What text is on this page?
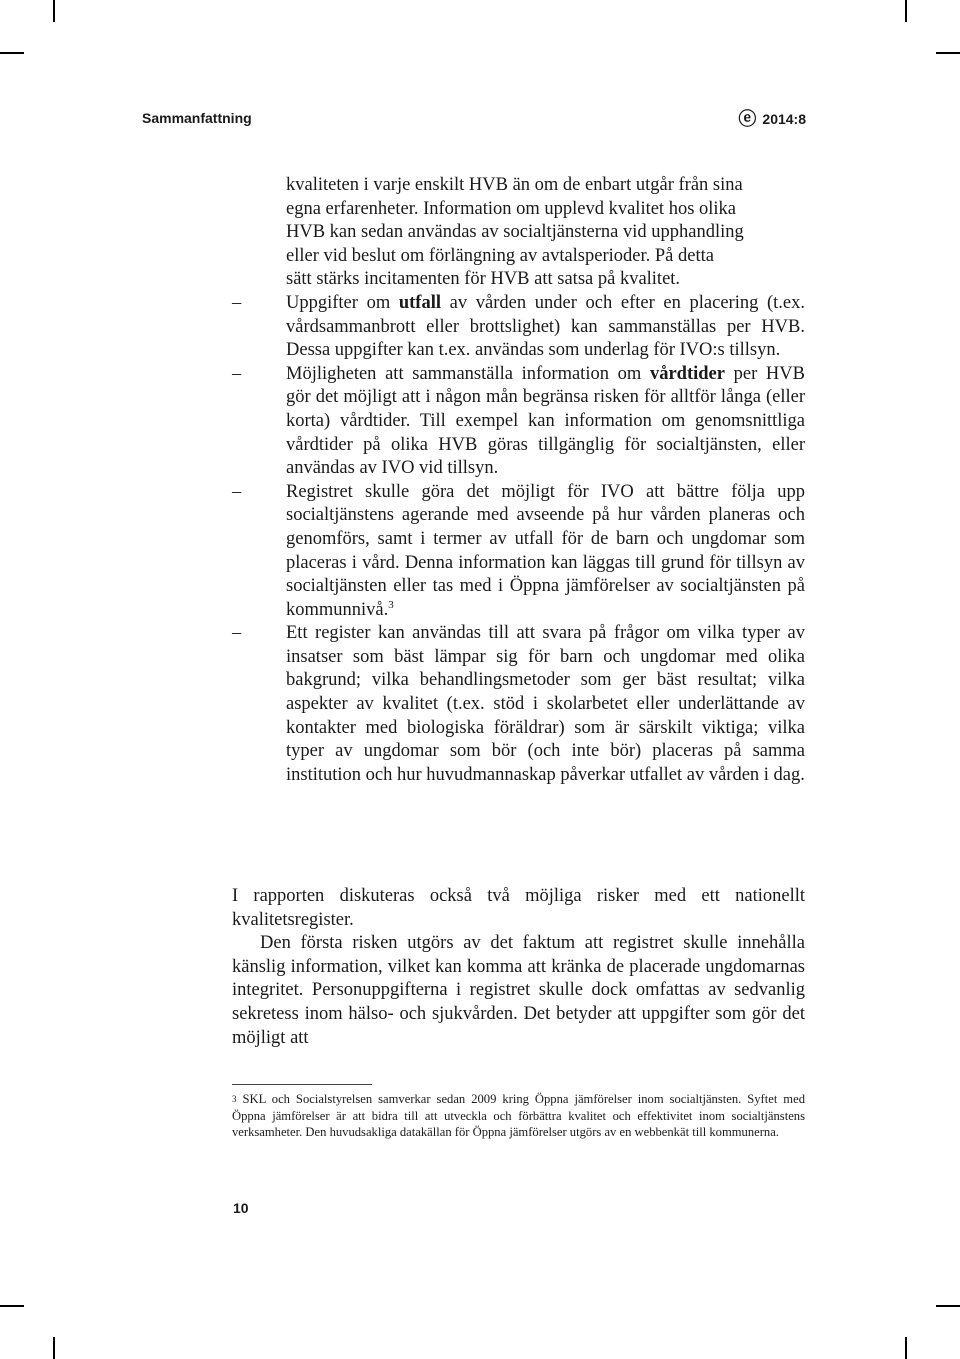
Sammanfattning	ⓔ 2014:8
kvaliteten i varje enskilt HVB än om de enbart utgår från sina
egna erfarenheter. Information om upplevd kvalitet hos olika
HVB kan sedan användas av socialtjänsterna vid upphandling
eller vid beslut om förlängning av avtalsperioder. På detta
sätt stärks incitamenten för HVB att satsa på kvalitet.
–	Uppgifter om utfall av vården under och efter en placering (t.ex. vårdsammanbrott eller brottslighet) kan sammanställas per HVB. Dessa uppgifter kan t.ex. användas som underlag för IVO:s tillsyn.
–	Möjligheten att sammanställa information om vårdtider per HVB gör det möjligt att i någon mån begränsa risken för alltför långa (eller korta) vårdtider. Till exempel kan information om genomsnittliga vårdtider på olika HVB göras tillgänglig för socialtjänsten, eller användas av IVO vid tillsyn.
–	Registret skulle göra det möjligt för IVO att bättre följa upp socialtjänstens agerande med avseende på hur vården planeras och genomförs, samt i termer av utfall för de barn och ungdomar som placeras i vård. Denna information kan läggas till grund för tillsyn av socialtjänsten eller tas med i Öppna jämförelser av socialtjänsten på kommunnivå.$^3$
–	Ett register kan användas till att svara på frågor om vilka typer av insatser som bäst lämpar sig för barn och ungdomar med olika bakgrund; vilka behandlingsmetoder som ger bäst resultat; vilka aspekter av kvalitet (t.ex. stöd i skolarbetet eller underlättande av kontakter med biologiska föräldrar) som är särskilt viktiga; vilka typer av ungdomar som bör (och inte bör) placeras på samma institution och hur huvudmannaskap påverkar utfallet av vården i dag.

I rapporten diskuteras också två möjliga risker med ett nationellt kvalitetsregister.

Den första risken utgörs av det faktum att registret skulle innehålla känslig information, vilket kan komma att kränka de placerade ungdomarnas integritet. Personuppgifterna i registret skulle dock omfattas av sedvanlig sekretess inom hälso- och sjukvården. Det betyder att uppgifter som gör det möjligt att

$^3$ SKL och Socialstyrelsen samverkar sedan 2009 kring Öppna jämförelser inom socialtjänsten. Syftet med Öppna jämförelser är att bidra till att utveckla och förbättra kvalitet och effektivitet inom socialtjänstens verksamheter. Den huvudsakliga datakällan för Öppna jämförelser utgörs av en webbenkät till kommunerna.

10
